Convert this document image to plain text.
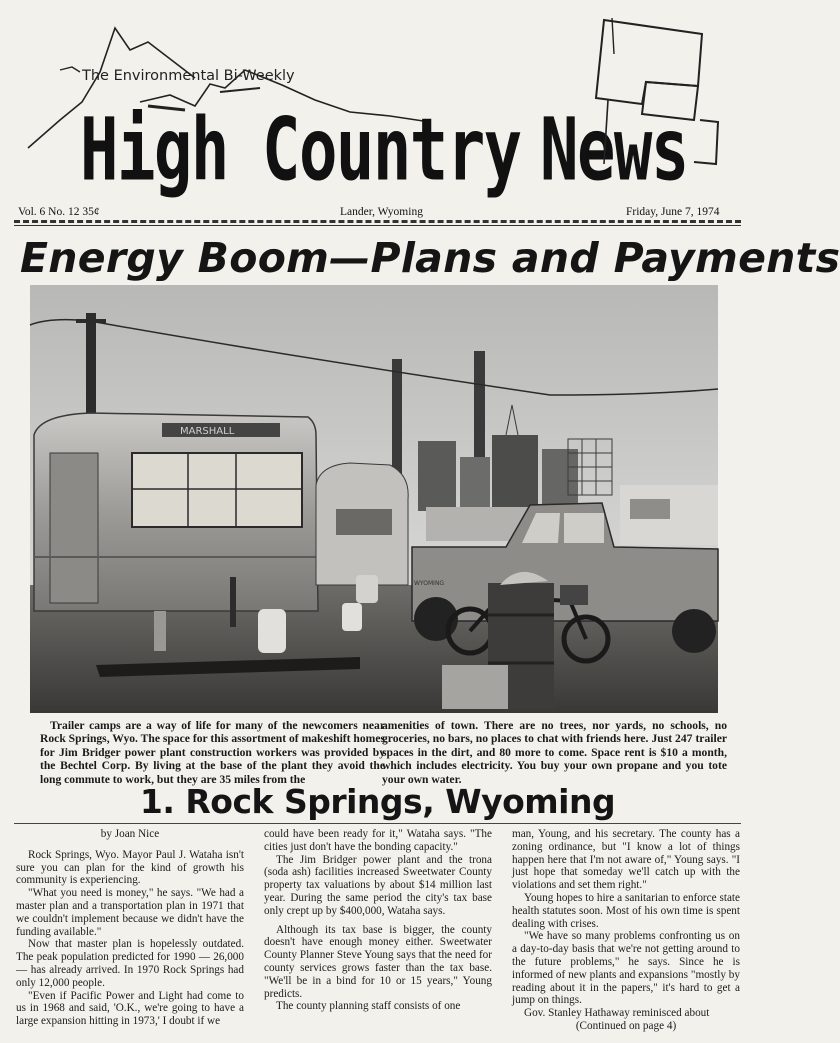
The Environmental Bi-Weekly
High Country News
Vol. 6 No. 12 35¢	Lander, Wyoming	Friday, June 7, 1974
Energy Boom—Plans and Payments
MARSHALL
WYOMING
Trailer camps are a way of life for many of the newcomers near Rock Springs, Wyo. The space for this assortment of makeshift homes for Jim Bridger power plant construction workers was provided by the Bechtel Corp. By living at the base of the plant they avoid the long commute to work, but they are 35 miles from the
amenities of town. There are no trees, nor yards, no schools, no groceries, no bars, no places to chat with friends here. Just 247 trailer spaces in the dirt, and 80 more to come. Space rent is $10 a month, which includes electricity. You buy your own propane and you tote your own water.
1. Rock Springs, Wyoming

by Joan Nice

Rock Springs, Wyo. Mayor Paul J. Wataha isn't sure you can plan for the kind of growth his community is experiencing.

"What you need is money," he says. "We had a master plan and a transportation plan in 1971 that we couldn't implement because we didn't have the funding available."

Now that master plan is hopelessly outdated. The peak population predicted for 1990 — 26,000 — has already arrived. In 1970 Rock Springs had only 12,000 people.

"Even if Pacific Power and Light had come to us in 1968 and said, 'O.K., we're going to have a large expansion hitting in 1973,' I doubt if we

could have been ready for it," Wataha says. "The cities just don't have the bonding capacity."

The Jim Bridger power plant and the trona (soda ash) facilities increased Sweetwater County property tax valuations by about $14 million last year. During the same period the city's tax base only crept up by $400,000, Wataha says.

Although its tax base is bigger, the county doesn't have enough money either. Sweetwater County Planner Steve Young says that the need for county services grows faster than the tax base. "We'll be in a bind for 10 or 15 years," Young predicts.

The county planning staff consists of one

man, Young, and his secretary. The county has a zoning ordinance, but "I know a lot of things happen here that I'm not aware of," Young says. "I just hope that someday we'll catch up with the violations and set them right."

Young hopes to hire a sanitarian to enforce state health statutes soon. Most of his own time is spent dealing with crises.

"We have so many problems confronting us on a day-to-day basis that we're not getting around to the future problems," he says. Since he is informed of new plants and expansions "mostly by reading about it in the papers," it's hard to get a jump on things.

Gov. Stanley Hathaway reminisced about

(Continued on page 4)
